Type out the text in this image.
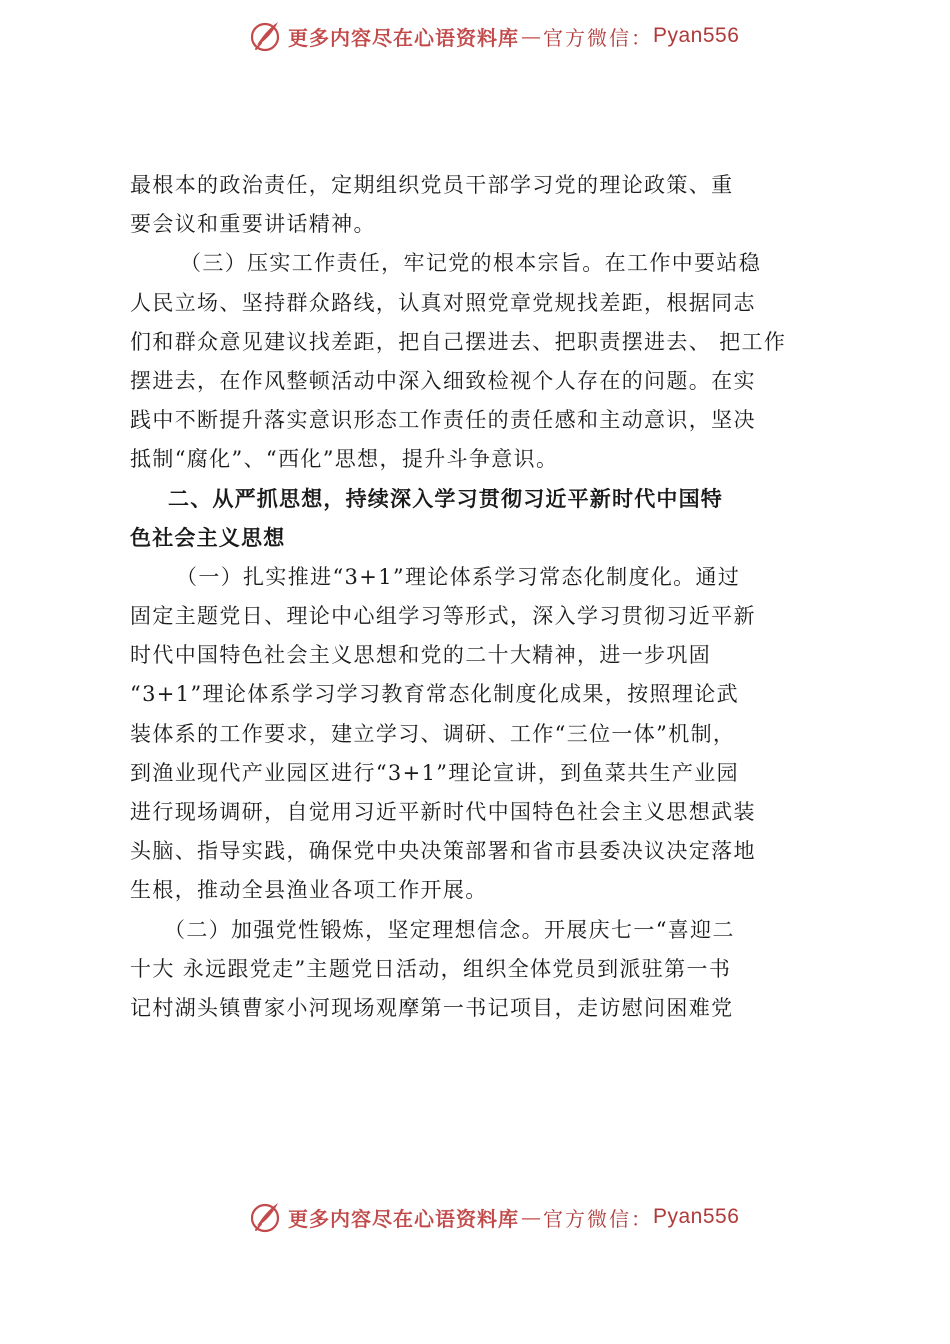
更多内容尽在心语资料库 — 官方微信： Pyan556
最根本的政治责任，定期组织党员干部学习党的理论政策、重
要会议和重要讲话精神。
（三）压实工作责任，牢记党的根本宗旨。在工作中要站稳
人民立场、坚持群众路线，认真对照党章党规找差距，根据同志
们和群众意见建议找差距，把自己摆进去、把职责摆进去、 把工作
摆进去，在作风整顿活动中深入细致检视个人存在的问题。在实
践中不断提升落实意识形态工作责任的责任感和主动意识，坚决
抵制“腐化”、“西化”思想，提升斗争意识。
二、从严抓思想，持续深入学习贯彻习近平新时代中国特
色社会主义思想
（一）扎实推进“3+1”理论体系学习常态化制度化。通过
固定主题党日、理论中心组学习等形式，深入学习贯彻习近平新
时代中国特色社会主义思想和党的二十大精神，进一步巩固
“3+1”理论体系学习学习教育常态化制度化成果，按照理论武
装体系的工作要求，建立学习、调研、工作“三位一体”机制，
到渔业现代产业园区进行“3+1”理论宣讲，到鱼菜共生产业园
进行现场调研，自觉用习近平新时代中国特色社会主义思想武装
头脑、指导实践，确保党中央决策部署和省市县委决议决定落地
生根，推动全县渔业各项工作开展。
（二）加强党性锻炼，坚定理想信念。开展庆七一“喜迎二
十大 永远跟党走”主题党日活动，组织全体党员到派驻第一书
记村湖头镇曹家小河现场观摩第一书记项目，走访慰问困难党
更多内容尽在心语资料库 — 官方微信： Pyan556
